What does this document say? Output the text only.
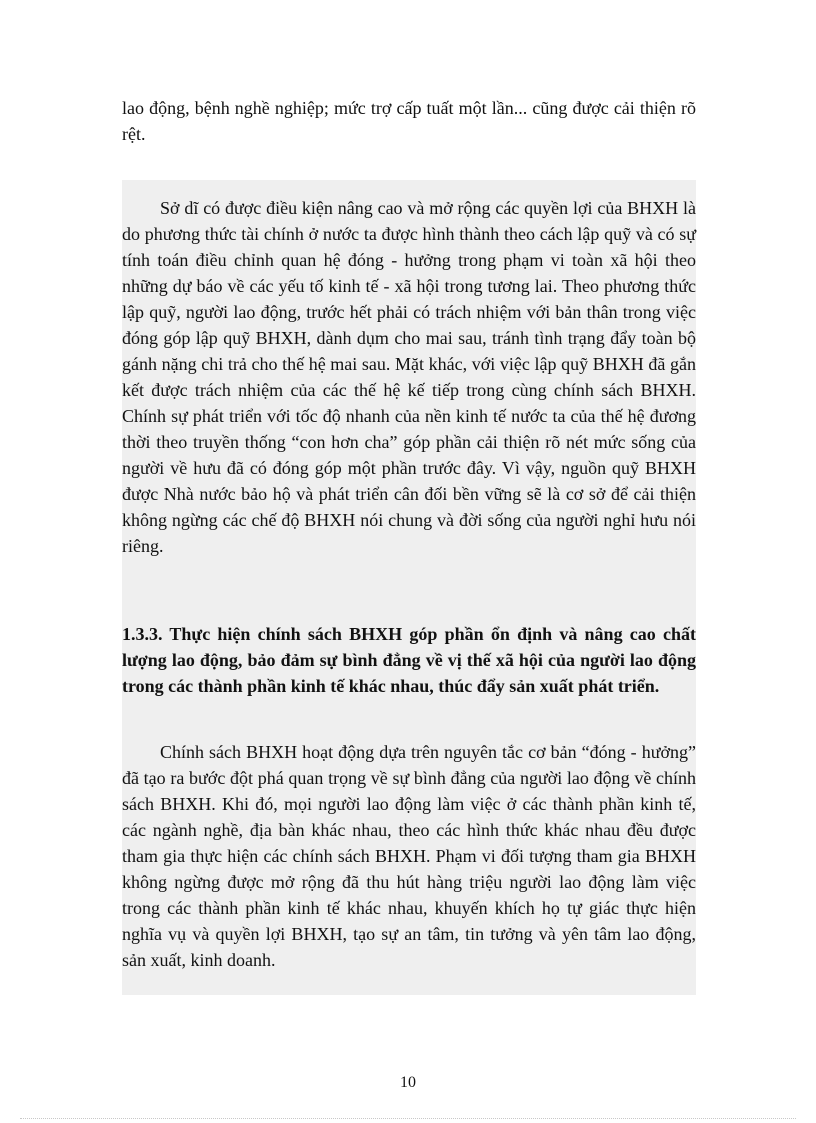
lao động, bệnh nghề nghiệp; mức trợ cấp tuất một lần... cũng được cải thiện rõ rệt.

Sở dĩ có được điều kiện nâng cao và mở rộng các quyền lợi của BHXH là do phương thức tài chính ở nước ta được hình thành theo cách lập quỹ và có sự tính toán điều chỉnh quan hệ đóng - hưởng trong phạm vi toàn xã hội theo những dự báo về các yếu tố kinh tế - xã hội trong tương lai. Theo phương thức lập quỹ, người lao động, trước hết phải có trách nhiệm với bản thân trong việc đóng góp lập quỹ BHXH, dành dụm cho mai sau, tránh tình trạng đẩy toàn bộ gánh nặng chi trả cho thế hệ mai sau. Mặt khác, với việc lập quỹ BHXH đã gắn kết được trách nhiệm của các thế hệ kế tiếp trong cùng chính sách BHXH. Chính sự phát triển với tốc độ nhanh của nền kinh tế nước ta của thế hệ đương thời theo truyền thống “con hơn cha” góp phần cải thiện rõ nét mức sống của người về hưu đã có đóng góp một phần trước đây. Vì vậy, nguồn quỹ BHXH được Nhà nước bảo hộ và phát triển cân đối bền vững sẽ là cơ sở để cải thiện không ngừng các chế độ BHXH nói chung và đời sống của người nghỉ hưu nói riêng.

1.3.3. Thực hiện chính sách BHXH góp phần ổn định và nâng cao chất lượng lao động, bảo đảm sự bình đẳng về vị thế xã hội của người lao động trong các thành phần kinh tế khác nhau, thúc đẩy sản xuất phát triển.

Chính sách BHXH hoạt động dựa trên nguyên tắc cơ bản “đóng - hưởng” đã tạo ra bước đột phá quan trọng về sự bình đẳng của người lao động về chính sách BHXH. Khi đó, mọi người lao động làm việc ở các thành phần kinh tế, các ngành nghề, địa bàn khác nhau, theo các hình thức khác nhau đều được tham gia thực hiện các chính sách BHXH. Phạm vi đối tượng tham gia BHXH không ngừng được mở rộng đã thu hút hàng triệu người lao động làm việc trong các thành phần kinh tế khác nhau, khuyến khích họ tự giác thực hiện nghĩa vụ và quyền lợi BHXH, tạo sự an tâm, tin tưởng và yên tâm lao động, sản xuất, kinh doanh.

10
